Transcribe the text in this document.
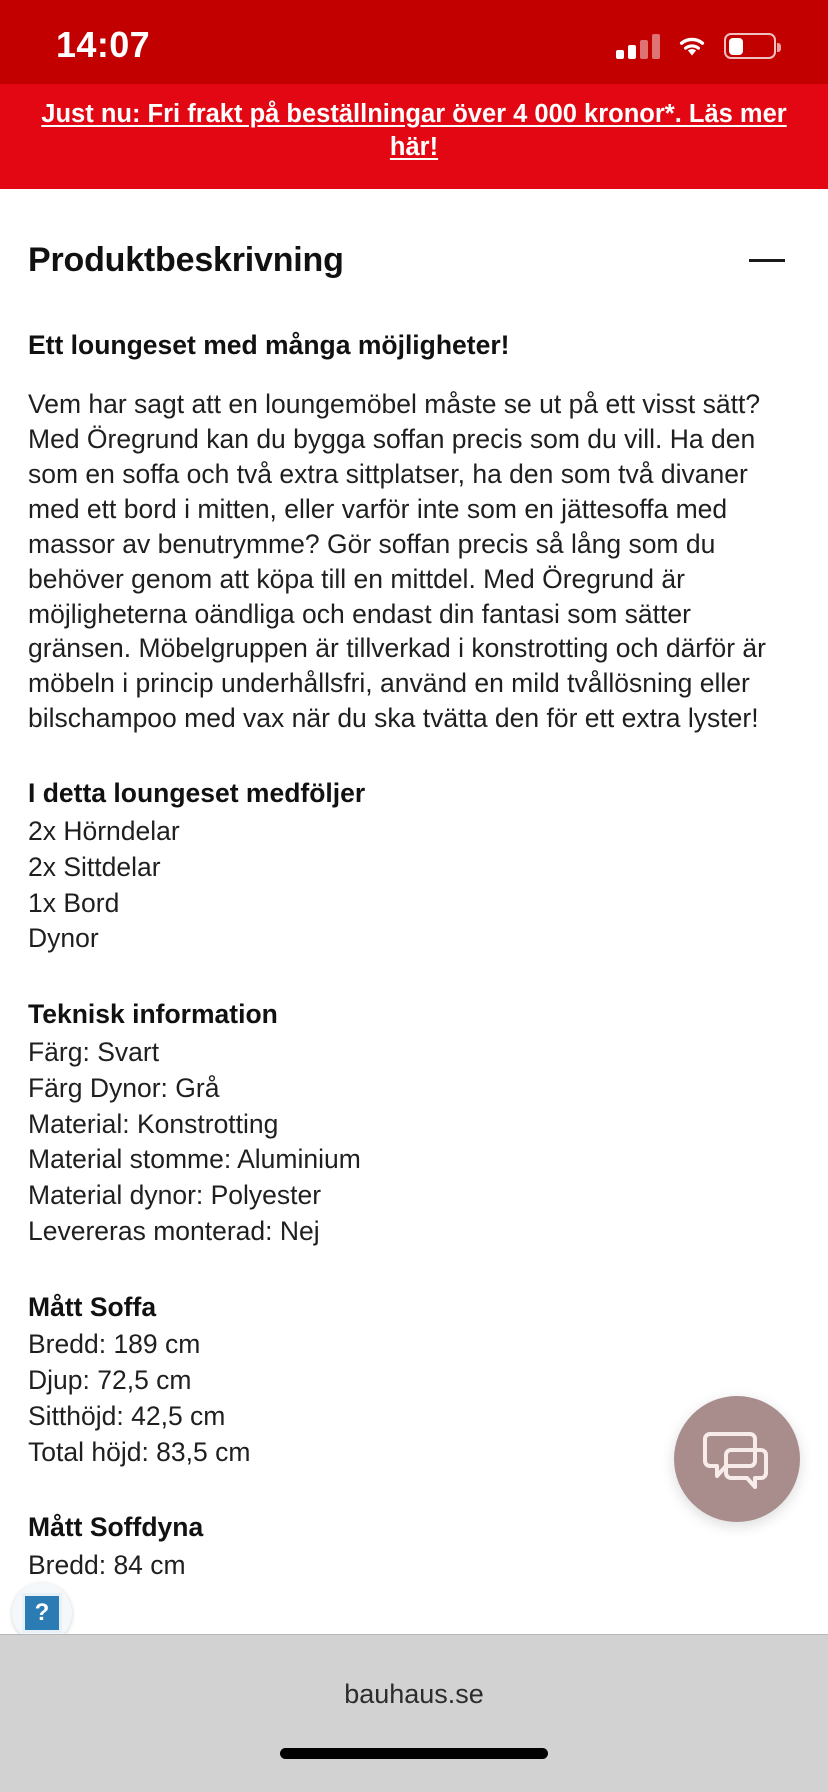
14:07
Just nu: Fri frakt på beställningar över 4 000 kronor*. Läs mer här!
Produktbeskrivning
Ett loungeset med många möjligheter!
Vem har sagt att en loungemöbel måste se ut på ett visst sätt? Med Öregrund kan du bygga soffan precis som du vill. Ha den som en soffa och två extra sittplatser, ha den som två divaner med ett bord i mitten, eller varför inte som en jättesoffa med massor av benutrymme? Gör soffan precis så lång som du behöver genom att köpa till en mittdel. Med Öregrund är möjligheterna oändliga och endast din fantasi som sätter gränsen. Möbelgruppen är tillverkad i konstrotting och därför är möbeln i princip underhållsfri, använd en mild tvållösning eller bilschampoo med vax när du ska tvätta den för ett extra lyster!
I detta loungeset medföljer
2x Hörndelar
2x Sittdelar
1x Bord
Dynor
Teknisk information
Färg: Svart
Färg Dynor: Grå
Material: Konstrotting
Material stomme: Aluminium
Material dynor: Polyester
Levereras monterad: Nej
Mått Soffa
Bredd: 189 cm
Djup: 72,5 cm
Sitthöjd: 42,5 cm
Total höjd: 83,5 cm
Mått Soffdyna
Bredd: 84 cm
?
bauhaus.se
